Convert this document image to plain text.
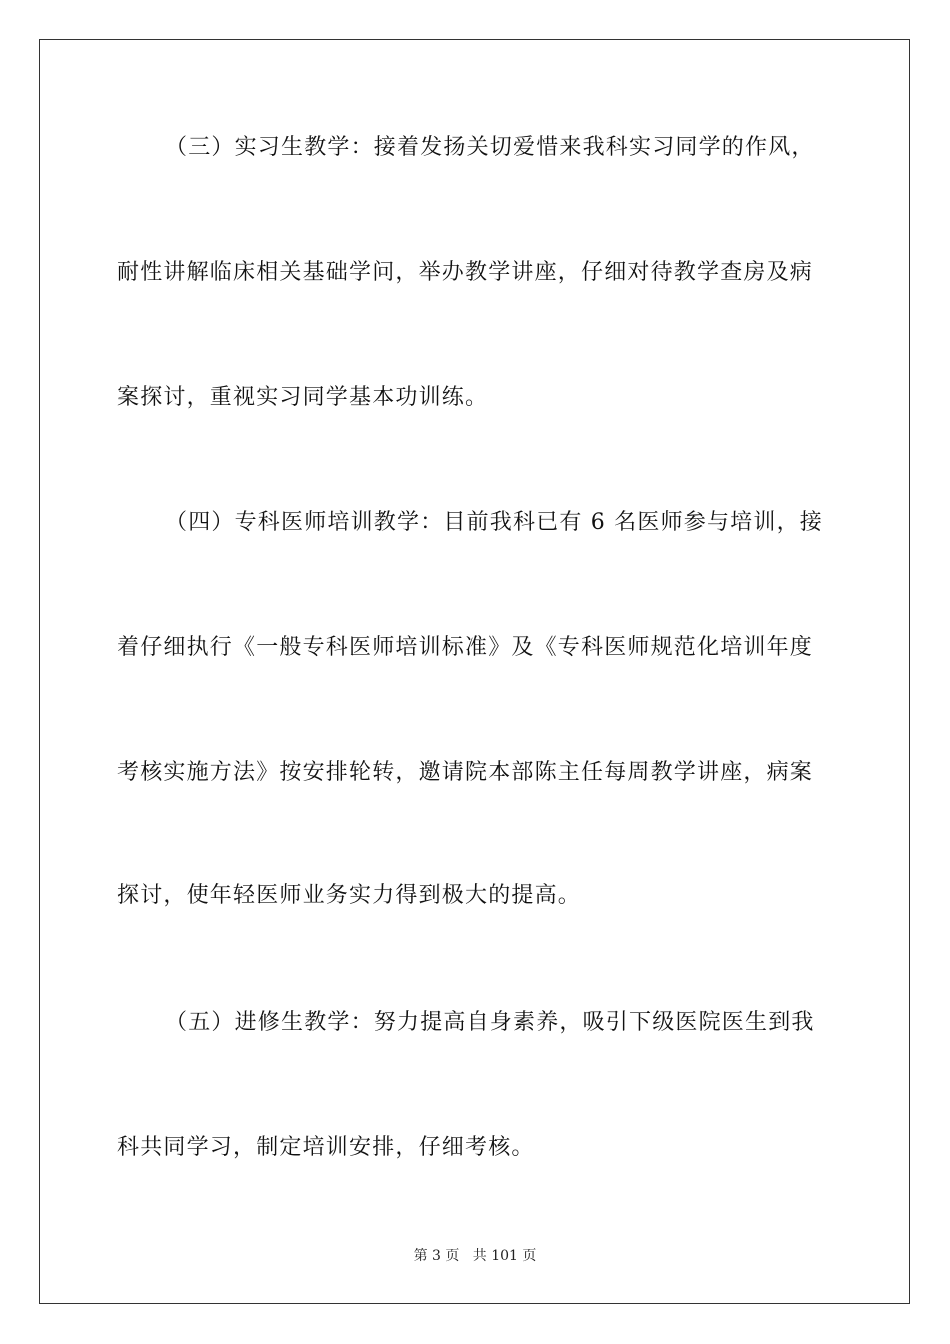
（三）实习生教学：接着发扬关切爱惜来我科实习同学的作风，
耐性讲解临床相关基础学问，举办教学讲座，仔细对待教学查房及病
案探讨，重视实习同学基本功训练。
（四）专科医师培训教学：目前我科已有 6 名医师参与培训，接
着仔细执行《一般专科医师培训标准》及《专科医师规范化培训年度
考核实施方法》按安排轮转，邀请院本部陈主任每周教学讲座，病案
探讨，使年轻医师业务实力得到极大的提高。
（五）进修生教学：努力提高自身素养，吸引下级医院医生到我
科共同学习，制定培训安排，仔细考核。
第 3 页 共 101 页
